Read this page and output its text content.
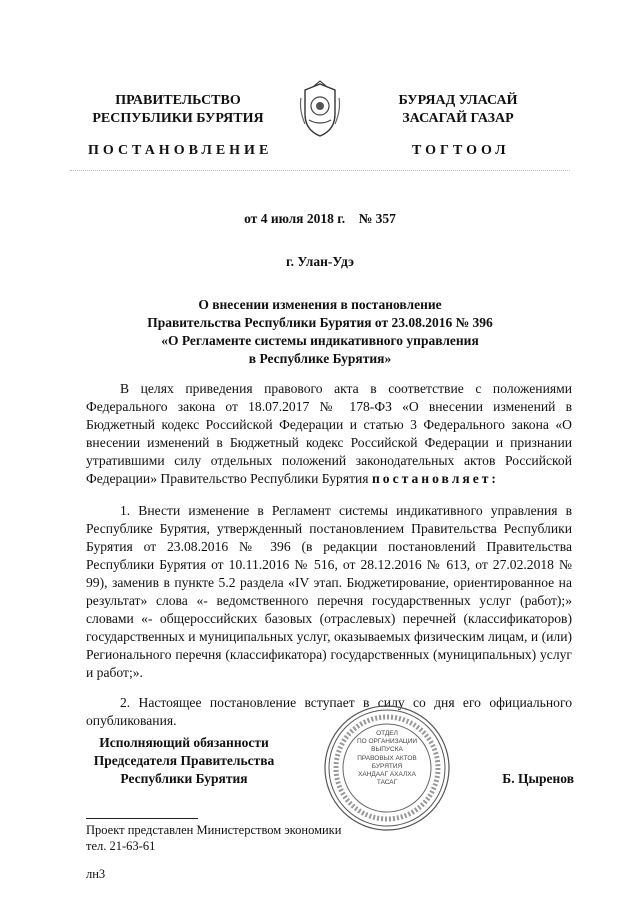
ПРАВИТЕЛЬСТВО
РЕСПУБЛИКИ БУРЯТИЯ
БУРЯАД УЛАСАЙ
ЗАСАГАЙ ГАЗАР
ПОСТАНОВЛЕНИЕ	ТОГТООЛ
от 4 июля 2018 г. № 357
г. Улан-Удэ
О внесении изменения в постановление
Правительства Республики Бурятия от 23.08.2016 № 396
«О Регламенте системы индикативного управления
в Республике Бурятия»

В целях приведения правового акта в соответствие с положениями Федерального закона от 18.07.2017 № 178-ФЗ «О внесении изменений в Бюджетный кодекс Российской Федерации и статью 3 Федерального закона «О внесении изменений в Бюджетный кодекс Российской Федерации и признании утратившими силу отдельных положений законодательных актов Российской Федерации» Правительство Республики Бурятия постановляет:

1. Внести изменение в Регламент системы индикативного управления в Республике Бурятия, утвержденный постановлением Правительства Республики Бурятия от 23.08.2016 № 396 (в редакции постановлений Правительства Республики Бурятия от 10.11.2016 № 516, от 28.12.2016 № 613, от 27.02.2018 № 99), заменив в пункте 5.2 раздела «IV этап. Бюджетирование, ориентированное на результат» слова «- ведомственного перечня государственных услуг (работ);» словами «- общероссийских базовых (отраслевых) перечней (классификаторов) государственных и муниципальных услуг, оказываемых физическим лицам, и (или) Регионального перечня (классификатора) государственных (муниципальных) услуг и работ;».

2. Настоящее постановление вступает в силу со дня его официального опубликования.

Исполняющий обязанности
Председателя Правительства
Республики Бурятия	Б. Цыренов
ОТДЕЛ
ПО ОРГАНИЗАЦИИ
ВЫПУСКА
ПРАВОВЫХ АКТОВ
БУРЯТИЯ
ХАНДААГ АХАЛХА
ТАСАГ
Проект представлен Министерством экономики
тел. 21-63-61
лн3
